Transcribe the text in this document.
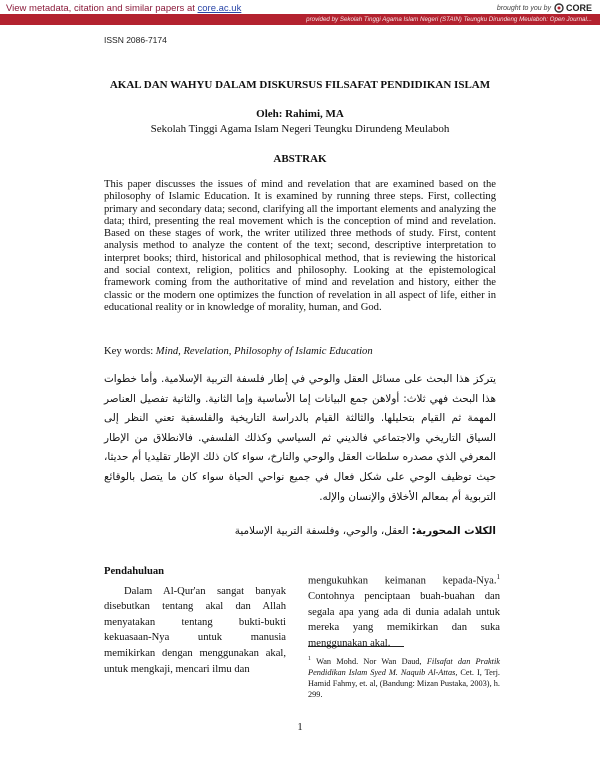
View metadata, citation and similar papers at core.ac.uk	brought to you by CORE
provided by Sekolah Tinggi Agama Islam Negeri (STAIN) Teungku Dirundeng Meulaboh: Open Journal...
ISSN 2086-7174
AKAL DAN WAHYU DALAM DISKURSUS FILSAFAT PENDIDIKAN ISLAM
Oleh: Rahimi, MA
Sekolah Tinggi Agama Islam Negeri Teungku Dirundeng Meulaboh
ABSTRAK

This paper discusses the issues of mind and revelation that are examined based on the philosophy of Islamic Education. It is examined by running three steps. First, collecting primary and secondary data; second, clarifying all the important elements and analyzing the data; third, presenting the real movement which is the conception of mind and revelation. Based on these stages of work, the writer utilized three methods of study. First, content analysis method to analyze the content of the text; second, descriptive interpretation to interpret books; third, historical and philosophical method, that is reviewing the historical and social context, religion, politics and philosophy. Looking at the epistemological framework coming from the authoritative of mind and revelation and history, either the classic or the modern one optimizes the function of revelation in all aspect of life, either in educational reality or in knowledge of morality, human, and God.

Key words: Mind, Revelation, Philosophy of Islamic Education

يتركز هذا البحث على مسائل العقل والوحي في إطار فلسفة التربية الإسلامية. وأما خطوات هذا البحث فهي ثلاث: أولاهن جمع البيانات إما الأساسية وإما الثانية. والثانية تفصيل العناصر المهمة ثم القيام بتحليلها. والثالثة القيام بالدراسة التاريخية والفلسفية تعني النظر إلى السياق التاريخي والاجتماعي فالديني ثم السياسي وكذلك الفلسفي. فالانطلاق من الإطار المعرفي الذي مصدره سلطات العقل والوحي والتارخ، سواء كان ذلك الإطار تقليديا أم حديثا، حيث توظيف الوحي على شكل فعال في جميع نواحي الحياة سواء كان ما يتصل بالوقائع التربوية أم بمعالم الأخلاق والإنسان والإله.

الكلات المحورية: العقل، والوحي، وفلسفة التربية الإسلامية

Pendahuluan

Dalam Al-Qur'an sangat banyak disebutkan tentang akal dan Allah menyatakan tentang bukti-bukti kekuasaan-Nya untuk manusia memikirkan dengan menggunakan akal, untuk mengkaji, mencari ilmu dan

mengukuhkan keimanan kepada-Nya.$^1$ Contohnya penciptaan buah-buahan dan segala apa yang ada di dunia adalah untuk mereka yang memikirkan dan suka menggunakan akal.

$^1$ Wan Mohd. Nor Wan Daud, Filsafat dan Praktik Pendidikan Islam Syed M. Naquib Al-Attas, Cet. I, Terj. Hamid Fahmy, et. al, (Bandung: Mizan Pustaka, 2003), h. 299.

1
